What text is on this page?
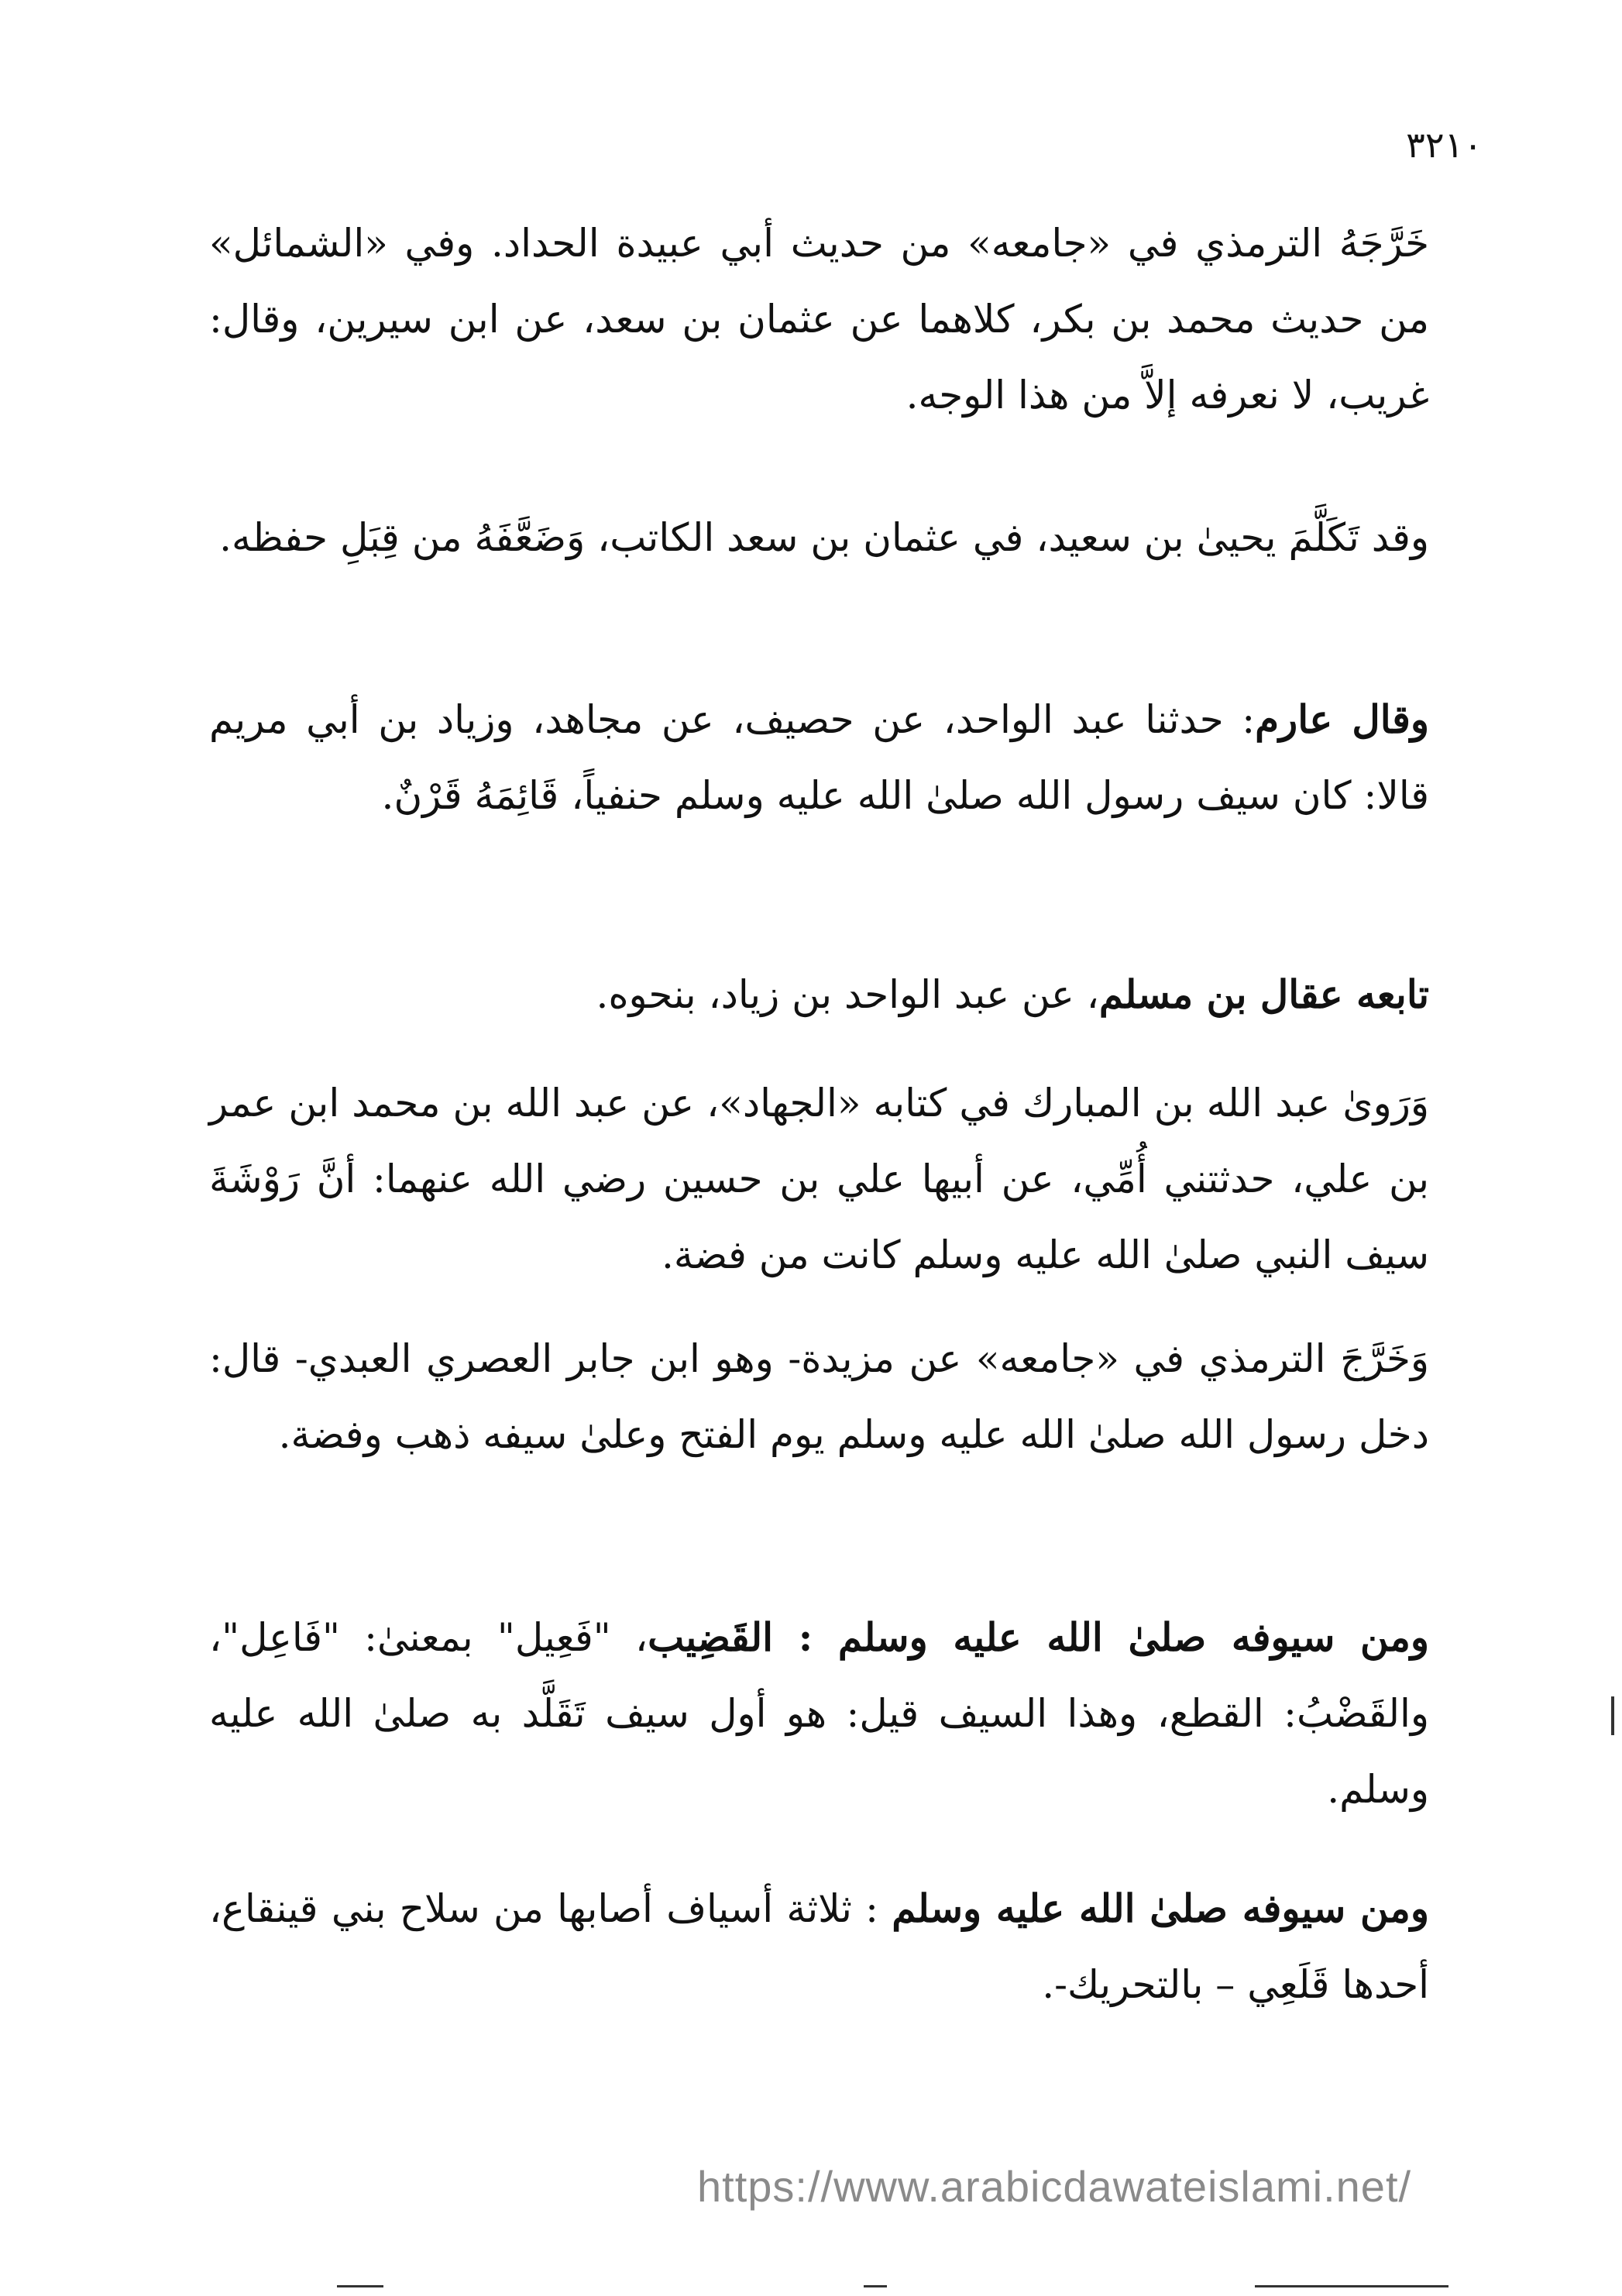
٣٢١٠
خَرَّجَهُ الترمذي في «جامعه» من حديث أبي عبيدة الحداد. وفي «الشمائل» من حديث محمد بن بكر، كلاهما عن عثمان بن سعد، عن ابن سيرين، وقال: غريب، لا نعرفه إلاَّ من هذا الوجه.
وقد تَكَلَّمَ يحيىٰ بن سعيد، في عثمان بن سعد الكاتب، وَضَعَّفَهُ من قِبَلِ حفظه.
وقال عارم: حدثنا عبد الواحد، عن حصيف، عن مجاهد، وزياد بن أبي مريم قالا: كان سيف رسول الله صلىٰ الله عليه وسلم حنفياً، قَائِمَهُ قَرْنٌ.
تابعه عقال بن مسلم، عن عبد الواحد بن زياد، بنحوه.
وَرَوىٰ عبد الله بن المبارك في كتابه «الجهاد»، عن عبد الله بن محمد ابن عمر بن علي، حدثتني أُمِّي، عن أبيها علي بن حسين رضي الله عنهما: أنَّ رَوْشَةَ سيف النبي صلىٰ الله عليه وسلم كانت من فضة.
وَخَرَّجَ الترمذي في «جامعه» عن مزيدة- وهو ابن جابر العصري العبدي- قال: دخل رسول الله صلىٰ الله عليه وسلم يوم الفتح وعلىٰ سيفه ذهب وفضة.
ومن سيوفه صلىٰ الله عليه وسلم : القَضِيب، "فَعِيل" بمعنىٰ: "فَاعِل"، والقَضْبُ: القطع، وهذا السيف قيل: هو أول سيف تَقَلَّد به صلىٰ الله عليه وسلم.
ومن سيوفه صلىٰ الله عليه وسلم : ثلاثة أسياف أصابها من سلاح بني قينقاع، أحدها قَلَعِي – بالتحريك-.
https://www.arabicdawateislami.net/
